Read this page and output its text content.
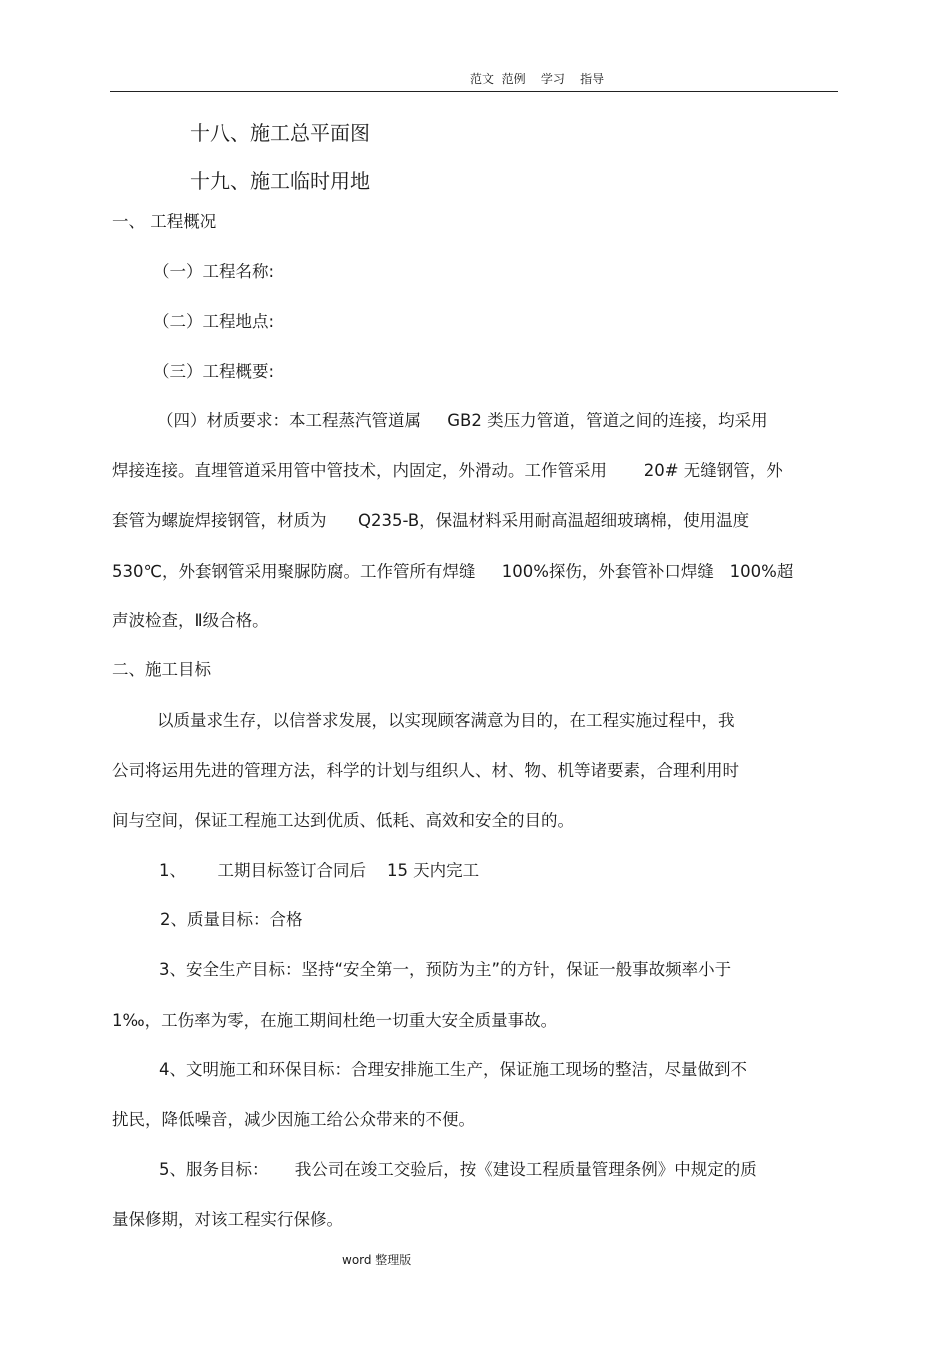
范文  范例    学习    指导
十八、施工总平面图
十九、施工临时用地
一、 工程概况
（一）工程名称:
（二）工程地点:
（三）工程概要:
（四）材质要求：本工程蒸汽管道属     GB2 类压力管道，管道之间的连接，均采用
焊接连接。直埋管道采用管中管技术，内固定，外滑动。工作管采用       20# 无缝钢管，外
套管为螺旋焊接钢管，材质为      Q235-B，保温材料采用耐高温超细玻璃棉，使用温度
530℃，外套钢管采用聚脲防腐。工作管所有焊缝     100%探伤，外套管补口焊缝   100%超
声波检查，Ⅱ级合格。
二、施工目标
以质量求生存，以信誉求发展，以实现顾客满意为目的，在工程实施过程中，我
公司将运用先进的管理方法，科学的计划与组织人、材、物、机等诸要素，合理利用时
间与空间，保证工程施工达到优质、低耗、高效和安全的目的。
1、      工期目标签订合同后    15 天内完工
2、质量目标：合格
3、安全生产目标：坚持“安全第一，预防为主”的方针，保证一般事故频率小于
1‰，工伤率为零，在施工期间杜绝一切重大安全质量事故。
4、文明施工和环保目标：合理安排施工生产，保证施工现场的整洁，尽量做到不
扰民，降低噪音，减少因施工给公众带来的不便。
5、服务目标：     我公司在竣工交验后，按《建设工程质量管理条例》中规定的质
量保修期，对该工程实行保修。
word 整理版
